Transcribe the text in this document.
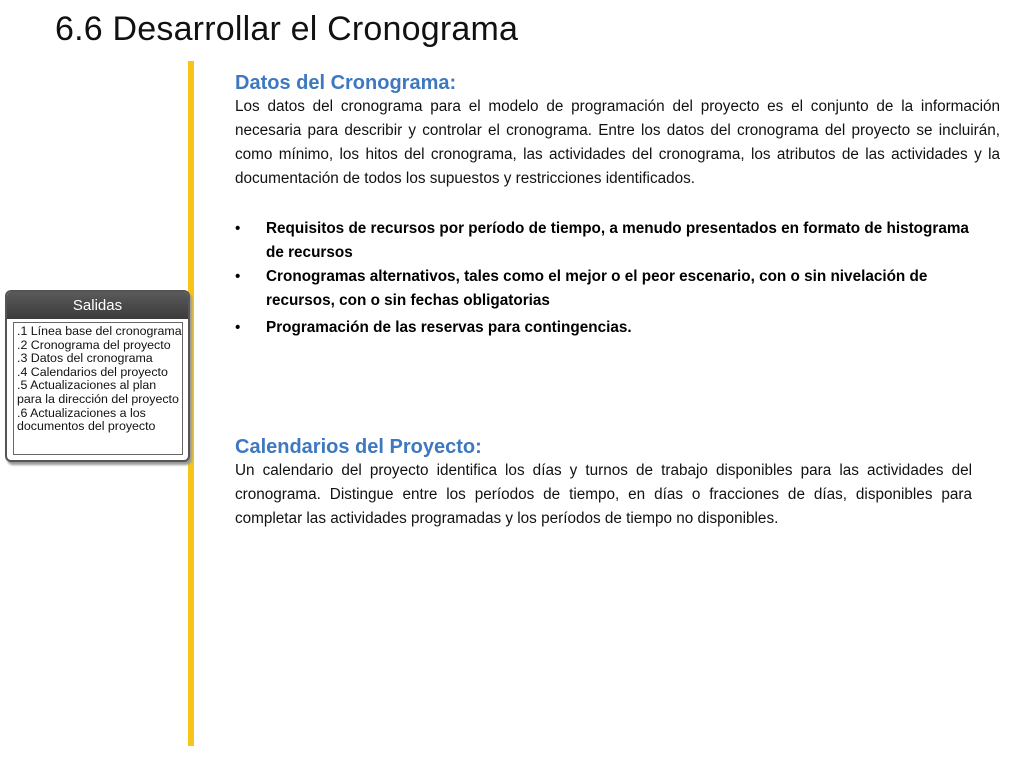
6.6 Desarrollar el Cronograma
Salidas
.1 Línea base del cronograma
.2 Cronograma del proyecto
.3 Datos del cronograma
.4 Calendarios del proyecto
.5 Actualizaciones al plan
para la dirección del proyecto
.6 Actualizaciones a los
documentos del proyecto
Datos del Cronograma:

Los datos del cronograma para el modelo de programación del proyecto es el conjunto de la información necesaria para describir y controlar el cronograma. Entre los datos del cronograma del proyecto se incluirán, como mínimo, los hitos del cronograma, las actividades del cronograma, los atributos de las actividades y la documentación de todos los supuestos y restricciones identificados.

• Requisitos de recursos por período de tiempo, a menudo presentados en formato de histograma de recursos
• Cronogramas alternativos, tales como el mejor o el peor escenario, con o sin nivelación de recursos, con o sin fechas obligatorias
• Programación de las reservas para contingencias.
Calendarios del Proyecto:

Un calendario del proyecto identifica los días y turnos de trabajo disponibles para las actividades del cronograma. Distingue entre los períodos de tiempo, en días o fracciones de días, disponibles para completar las actividades programadas y los períodos de tiempo no disponibles.
